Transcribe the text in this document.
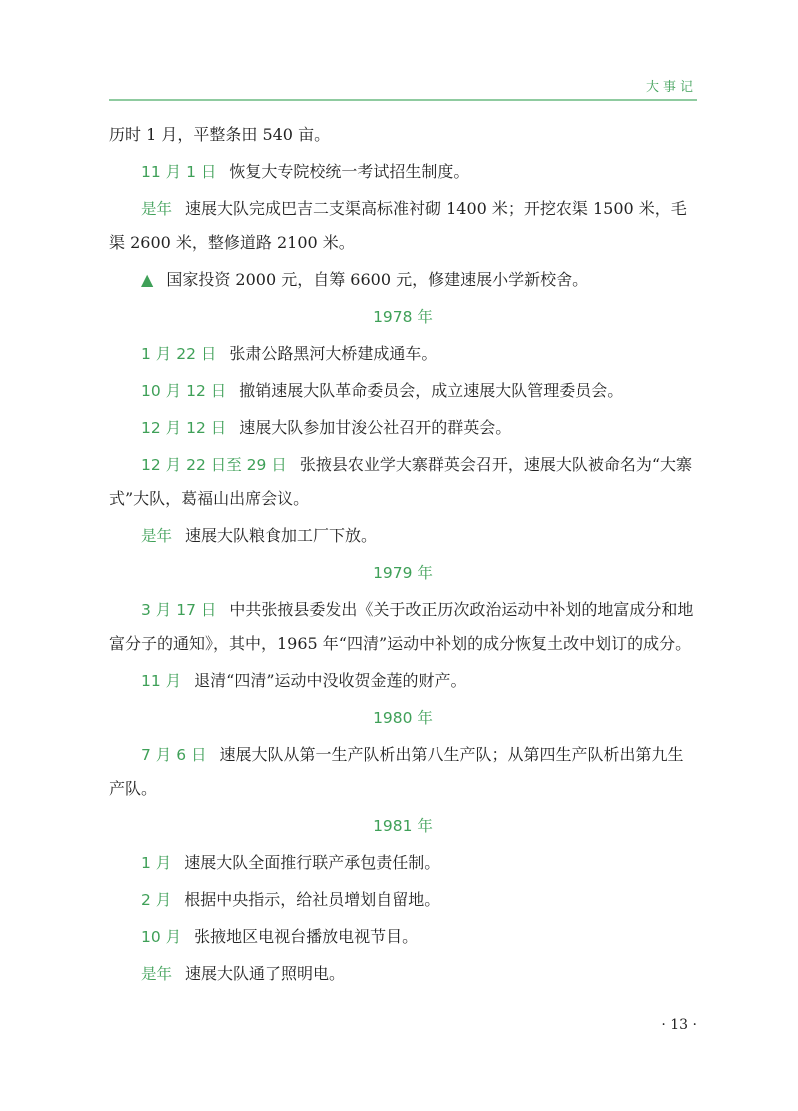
大事记

历时 1 月，平整条田 540 亩。

11 月 1 日 恢复大专院校统一考试招生制度。

是年 速展大队完成巴吉二支渠高标准衬砌 1400 米；开挖农渠 1500 米，毛渠 2600 米，整修道路 2100 米。

▲ 国家投资 2000 元，自筹 6600 元，修建速展小学新校舍。

1978 年

1 月 22 日 张肃公路黑河大桥建成通车。

10 月 12 日 撤销速展大队革命委员会，成立速展大队管理委员会。

12 月 12 日 速展大队参加甘浚公社召开的群英会。

12 月 22 日至 29 日 张掖县农业学大寨群英会召开，速展大队被命名为“大寨式”大队，葛福山出席会议。

是年 速展大队粮食加工厂下放。

1979 年

3 月 17 日 中共张掖县委发出《关于改正历次政治运动中补划的地富成分和地富分子的通知》，其中，1965 年“四清”运动中补划的成分恢复土改中划订的成分。

11 月 退清“四清”运动中没收贺金莲的财产。

1980 年

7 月 6 日 速展大队从第一生产队析出第八生产队；从第四生产队析出第九生产队。

1981 年

1 月 速展大队全面推行联产承包责任制。

2 月 根据中央指示，给社员增划自留地。

10 月 张掖地区电视台播放电视节目。

是年 速展大队通了照明电。

· 13 ·
